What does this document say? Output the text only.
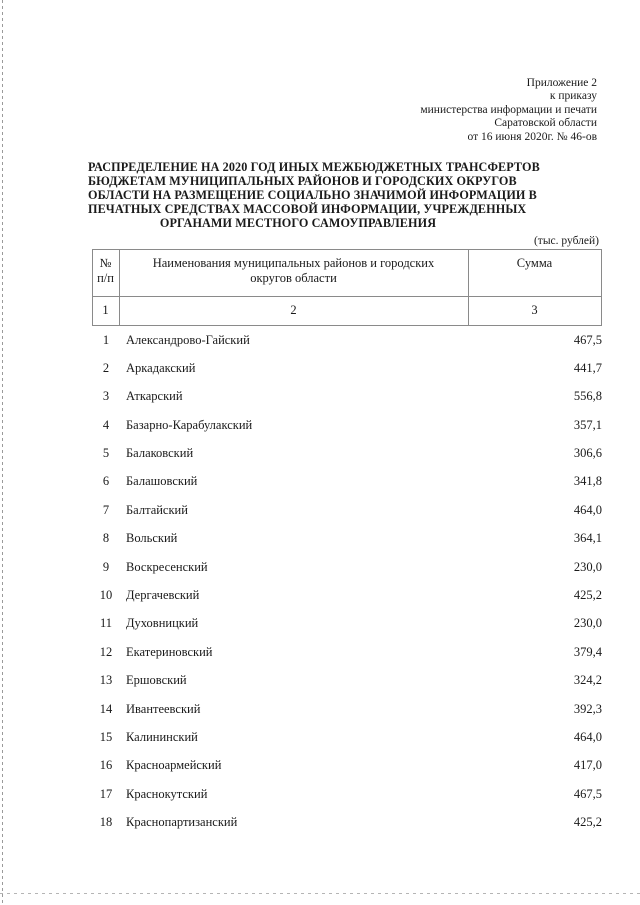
Приложение 2
к приказу
министерства информации и печати
Саратовской области
от 16 июня 2020г. № 46-ов
РАСПРЕДЕЛЕНИЕ НА 2020 ГОД ИНЫХ МЕЖБЮДЖЕТНЫХ ТРАНСФЕРТОВ
БЮДЖЕТАМ МУНИЦИПАЛЬНЫХ РАЙОНОВ И ГОРОДСКИХ ОКРУГОВ
ОБЛАСТИ НА РАЗМЕЩЕНИЕ СОЦИАЛЬНО ЗНАЧИМОЙ ИНФОРМАЦИИ В
ПЕЧАТНЫХ СРЕДСТВАХ МАССОВОЙ ИНФОРМАЦИИ, УЧРЕЖДЕННЫХ
ОРГАНАМИ МЕСТНОГО САМОУПРАВЛЕНИЯ
(тыс. рублей)
№
п/п
Наименования муниципальных районов и городских
округов области
Сумма
1	2	3
1	Александрово-Гайский	467,5
2	Аркадакский	441,7
3	Аткарский	556,8
4	Базарно-Карабулакский	357,1
5	Балаковский	306,6
6	Балашовский	341,8
7	Балтайский	464,0
8	Вольский	364,1
9	Воскресенский	230,0
10	Дергачевский	425,2
11	Духовницкий	230,0
12	Екатериновский	379,4
13	Ершовский	324,2
14	Ивантеевский	392,3
15	Калининский	464,0
16	Красноармейский	417,0
17	Краснокутский	467,5
18	Краснопартизанский	425,2
